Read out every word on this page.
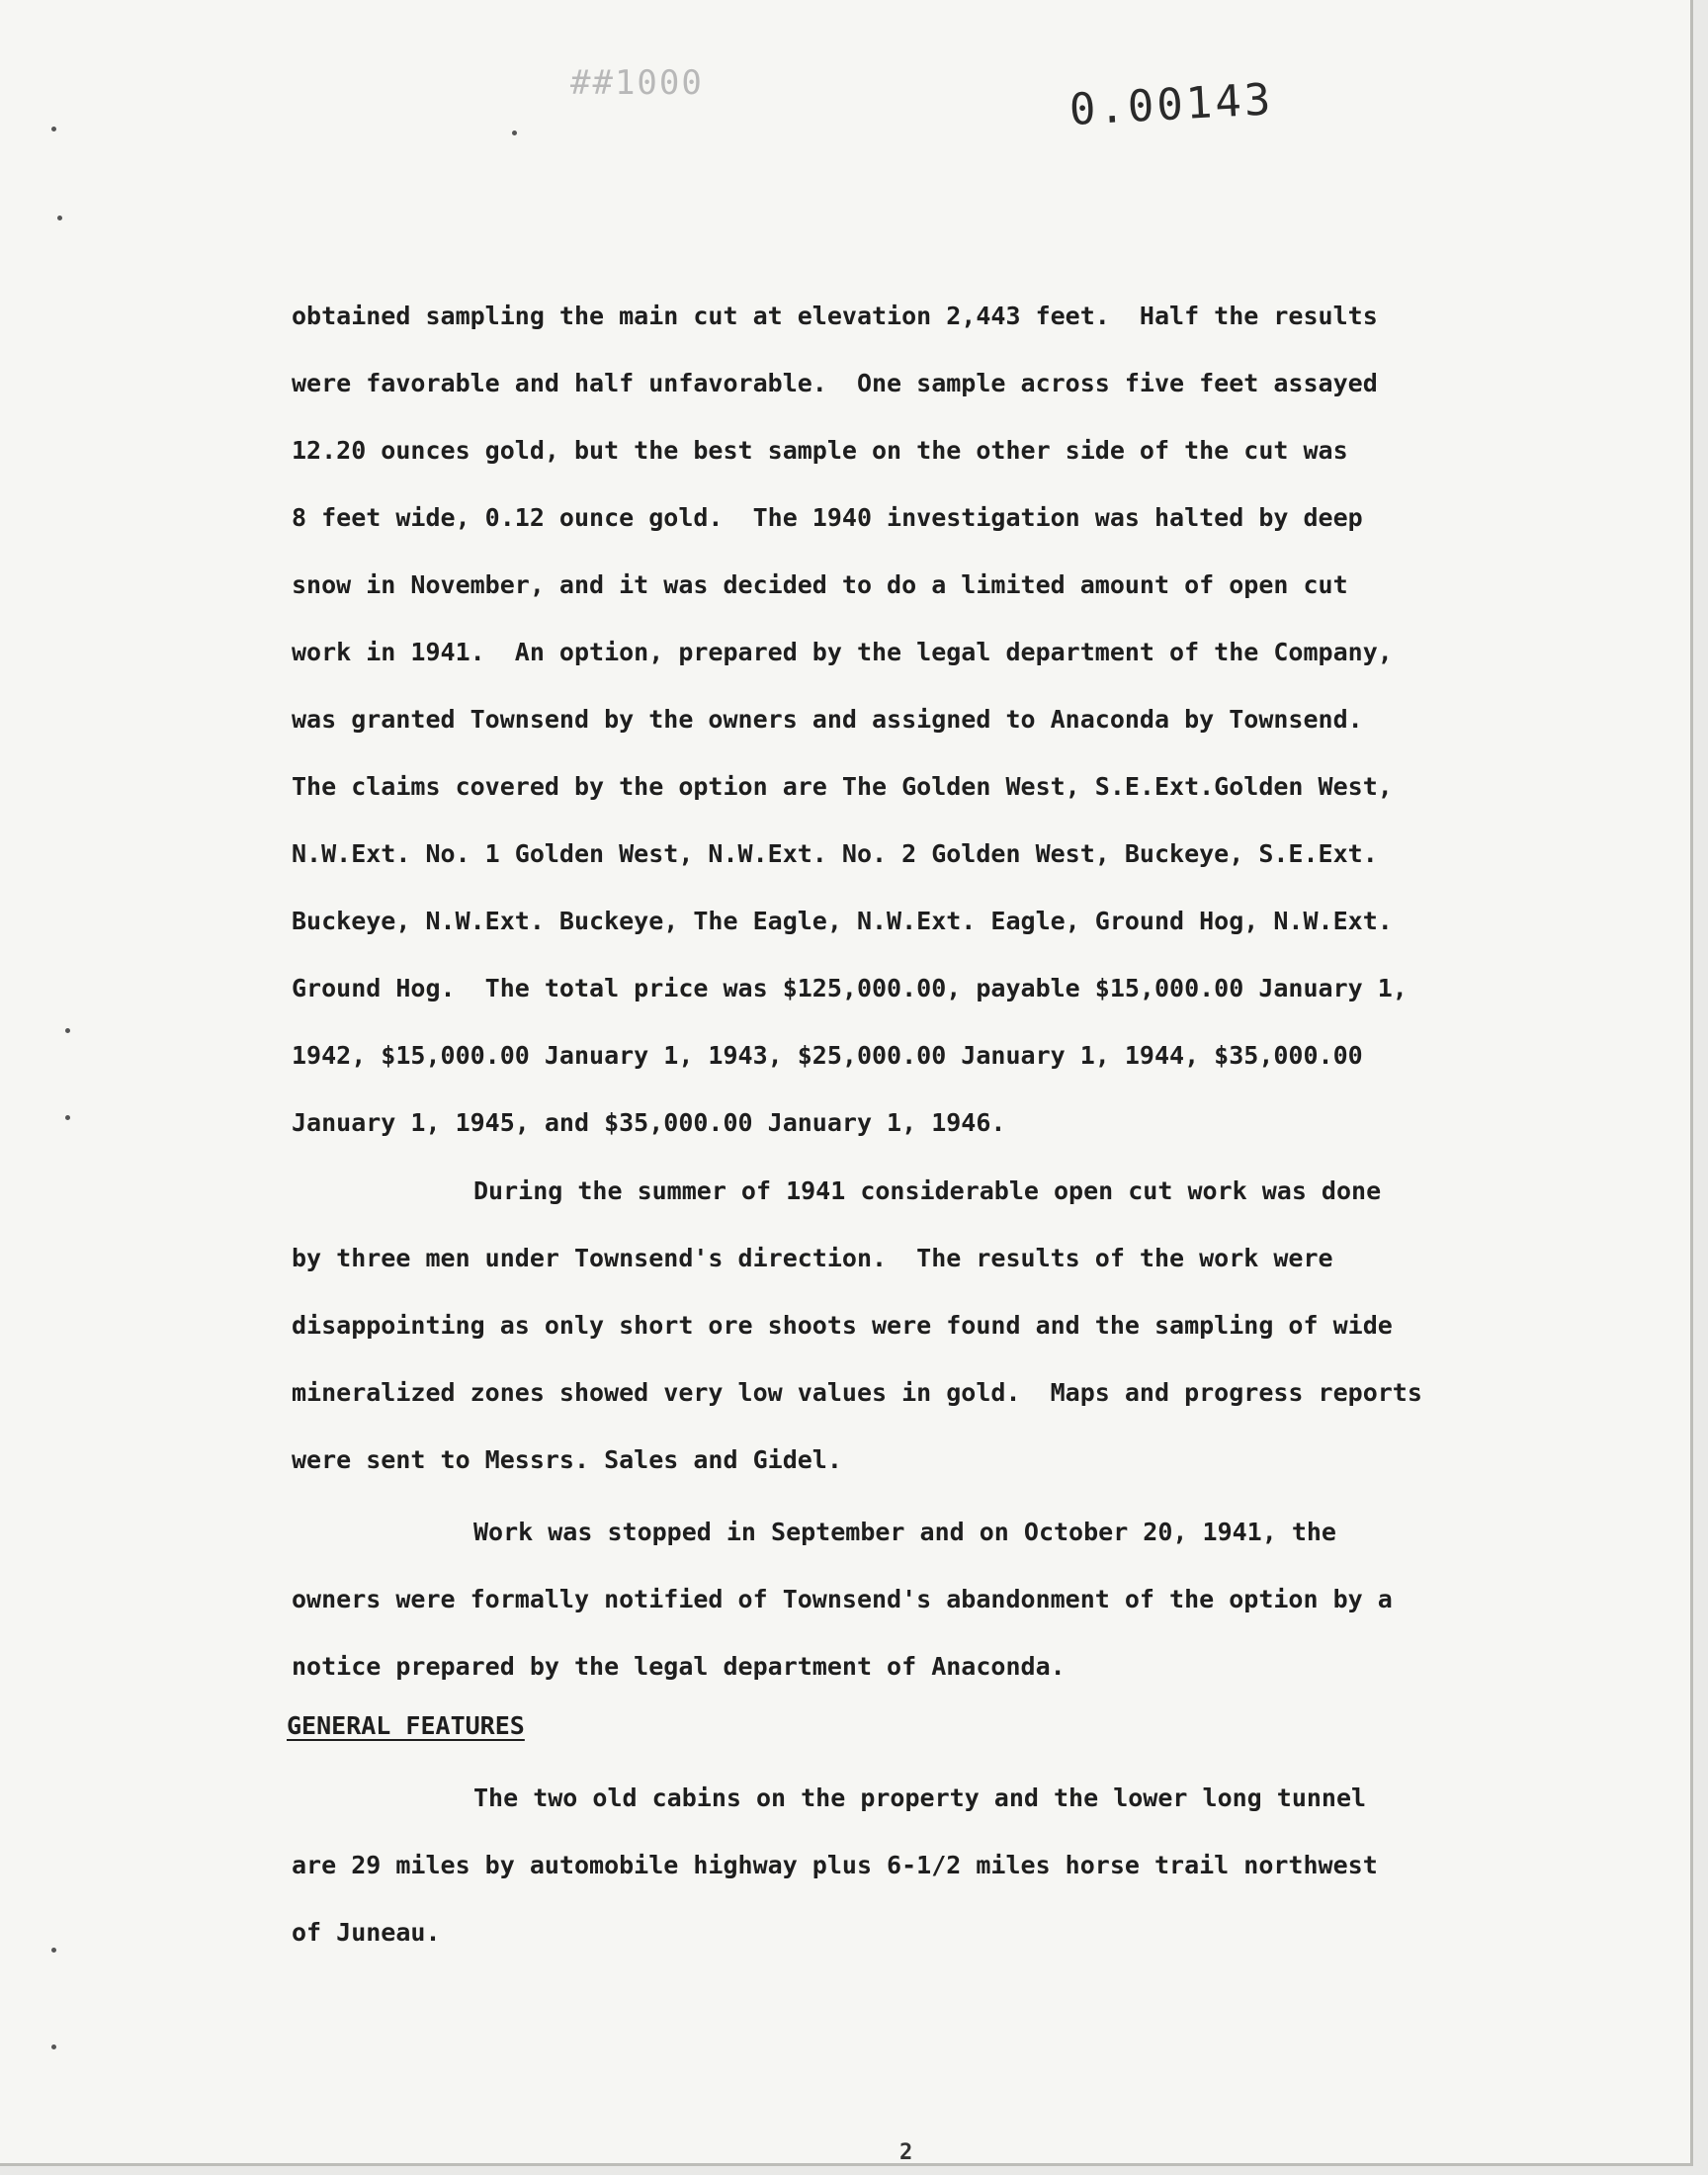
##1000	0.00143

obtained sampling the main cut at elevation 2,443 feet.  Half the results

were favorable and half unfavorable.  One sample across five feet assayed

12.20 ounces gold, but the best sample on the other side of the cut was

8 feet wide, 0.12 ounce gold.  The 1940 investigation was halted by deep

snow in November, and it was decided to do a limited amount of open cut

work in 1941.  An option, prepared by the legal department of the Company,

was granted Townsend by the owners and assigned to Anaconda by Townsend.

The claims covered by the option are The Golden West, S.E.Ext.Golden West,

N.W.Ext. No. 1 Golden West, N.W.Ext. No. 2 Golden West, Buckeye, S.E.Ext.

Buckeye, N.W.Ext. Buckeye, The Eagle, N.W.Ext. Eagle, Ground Hog, N.W.Ext.

Ground Hog.  The total price was $125,000.00, payable $15,000.00 January 1,

1942, $15,000.00 January 1, 1943, $25,000.00 January 1, 1944, $35,000.00

January 1, 1945, and $35,000.00 January 1, 1946.

During the summer of 1941 considerable open cut work was done

by three men under Townsend's direction.  The results of the work were

disappointing as only short ore shoots were found and the sampling of wide

mineralized zones showed very low values in gold.  Maps and progress reports

were sent to Messrs. Sales and Gidel.

Work was stopped in September and on October 20, 1941, the

owners were formally notified of Townsend's abandonment of the option by a

notice prepared by the legal department of Anaconda.

GENERAL FEATURES

The two old cabins on the property and the lower long tunnel

are 29 miles by automobile highway plus 6-1/2 miles horse trail northwest

of Juneau.

2
